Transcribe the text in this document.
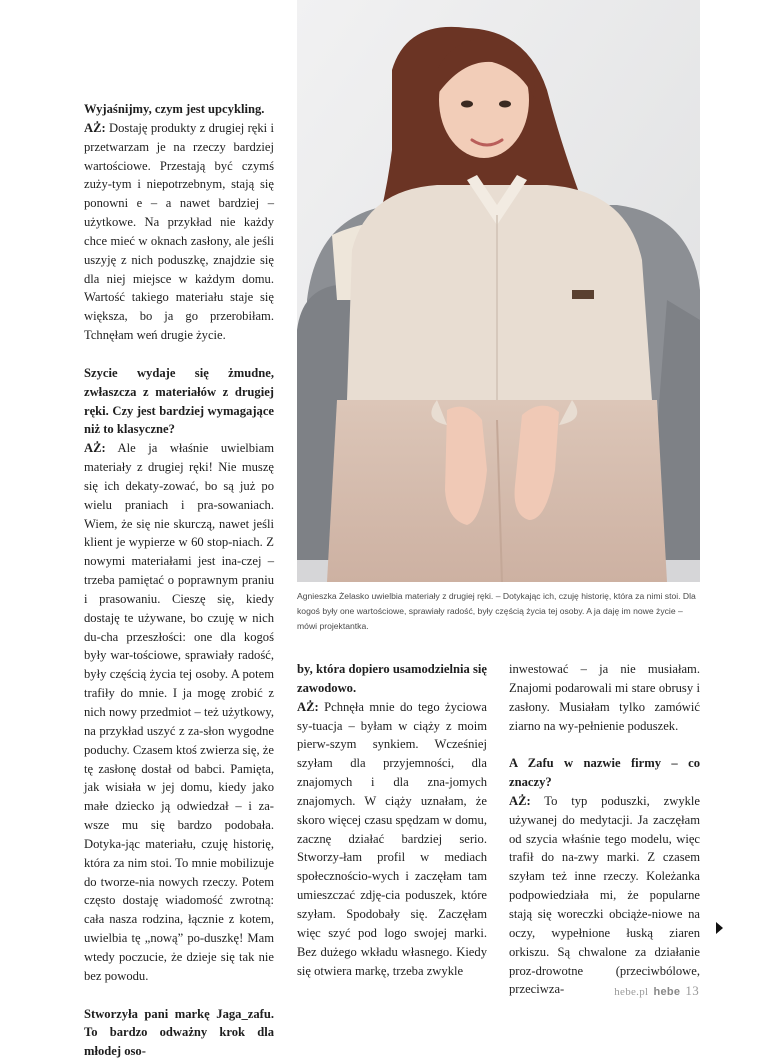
Wyjaśnijmy, czym jest upcykling.
AŻ: Dostaję produkty z drugiej ręki i przetwarzam je na rzeczy bardziej wartościowe. Przestają być czymś zuży-tym i niepotrzebnym, stają się ponowni e – a nawet bardziej – użytkowe. Na przykład nie każdy chce mieć w oknach zasłony, ale jeśli uszyję z nich poduszkę, znajdzie się dla niej miejsce w każdym domu. Wartość takiego materiału staje się większa, bo ja go przerobiłam. Tchnęłam weń drugie życie.

Szycie wydaje się żmudne, zwłaszcza z materiałów z drugiej ręki. Czy jest bardziej wymagające niż to klasyczne?
AŻ: Ale ja właśnie uwielbiam materiały z drugiej ręki! Nie muszę się ich dekaty-zować, bo są już po wielu praniach i pra-sowaniach. Wiem, że się nie skurczą, nawet jeśli klient je wypierze w 60 stop-niach. Z nowymi materiałami jest ina-czej – trzeba pamiętać o poprawnym praniu i prasowaniu. Cieszę się, kiedy dostaję te używane, bo czuję w nich du-cha przeszłości: one dla kogoś były war-tościowe, sprawiały radość, były częścią życia tej osoby. A potem trafiły do mnie. I ja mogę zrobić z nich nowy przedmiot – też użytkowy, na przykład uszyć z za-słon wygodne poduchy. Czasem ktoś zwierza się, że tę zasłonę dostał od babci. Pamięta, jak wisiała w jej domu, kiedy jako małe dziecko ją odwiedzał – i za-wsze mu się bardzo podobała. Dotyka-jąc materiału, czuję historię, która za nim stoi. To mnie mobilizuje do tworze-nia nowych rzeczy. Potem często dostaję wiadomość zwrotną: cała nasza rodzina, łącznie z kotem, uwielbia tę „nową” po-duszkę! Mam wtedy poczucie, że dzieje się tak nie bez powodu.

Stworzyła pani markę Jaga_zafu. To bardzo odważny krok dla młodej oso-

Agnieszka Żelasko uwielbia materiały z drugiej ręki. – Dotykając ich, czuję historię, która za nimi stoi. Dla kogoś były one wartościowe, sprawiały radość, były częścią życia tej osoby. A ja daję im nowe życie – mówi projektantka.

by, która dopiero usamodzielnia się zawodowo.
AŻ: Pchnęła mnie do tego życiowa sy-tuacja – byłam w ciąży z moim pierw-szym synkiem. Wcześniej szyłam dla przyjemności, dla znajomych i dla zna-jomych znajomych. W ciąży uznałam, że skoro więcej czasu spędzam w domu, zacznę działać bardziej serio. Stworzy-łam profil w mediach społecznościo-wych i zaczęłam tam umieszczać zdję-cia poduszek, które szyłam. Spodobały się. Zaczęłam więc szyć pod logo swojej marki. Bez dużego wkładu własnego. Kiedy się otwiera markę, trzeba zwykle

inwestować – ja nie musiałam. Znajomi podarowali mi stare obrusy i zasłony. Musiałam tylko zamówić ziarno na wy-pełnienie poduszek.

A Zafu w nazwie firmy – co znaczy?
AŻ: To typ poduszki, zwykle używanej do medytacji. Ja zaczęłam od szycia właśnie tego modelu, więc trafił do na-zwy marki. Z czasem szyłam też inne rzeczy. Koleżanka podpowiedziała mi, że popularne stają się woreczki obciąże-niowe na oczy, wypełnione łuską ziaren orkiszu. Są chwalone za działanie proz-drowotne (przeciwbólowe, przeciwza-	hebe.pl hebe 13
